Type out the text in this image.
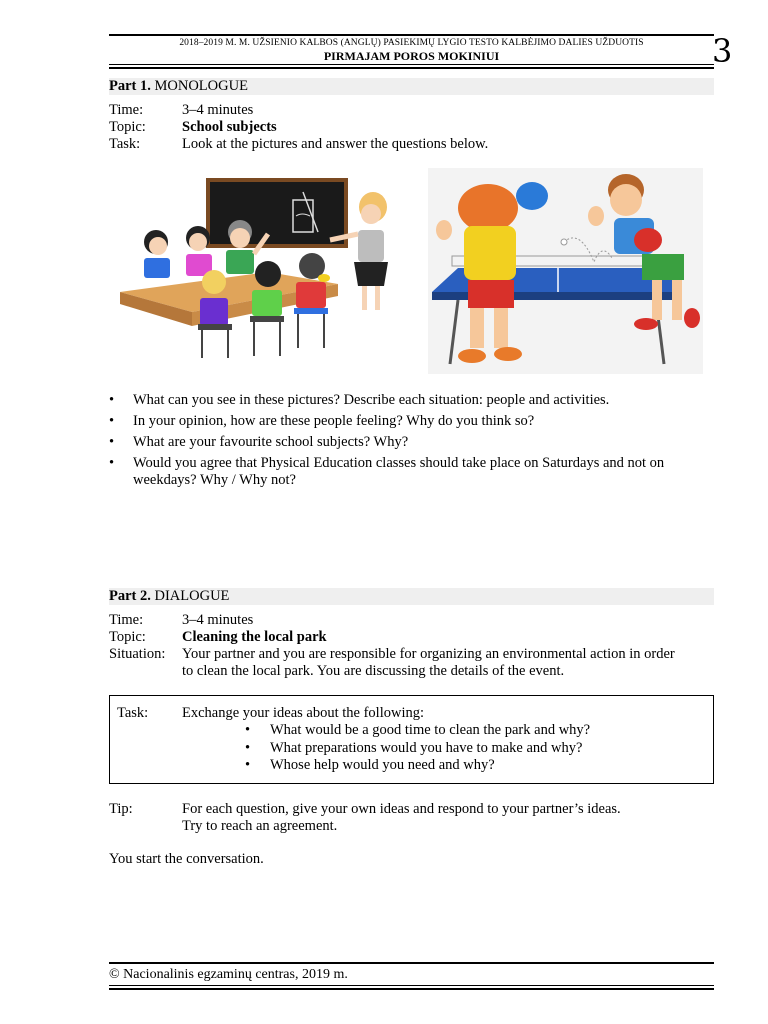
2018–2019 M. M. UŽSIENIO KALBOS (ANGLŲ) PASIEKIMŲ LYGIO TESTO KALBĖJIMO DALIES UŽDUOTIS
PIRMAJAM POROS MOKINIUI	3
Part 1. MONOLOGUE
Time:	3–4 minutes
Topic: School subjects
Task:	Look at the pictures and answer the questions below.
• What can you see in these pictures? Describe each situation: people and activities.
• In your opinion, how are these people feeling? Why do you think so?
• What are your favourite school subjects? Why?
• Would you agree that Physical Education classes should take place on Saturdays and not on weekdays? Why / Why not?
Part 2. DIALOGUE
Time:	3–4 minutes
Topic: Cleaning the local park
Situation: Your partner and you are responsible for organizing an environmental action in order
to clean the local park. You are discussing the details of the event.
Task: Exchange your ideas about the following:
• What would be a good time to clean the park and why?
• What preparations would you have to make and why?
• Whose help would you need and why?
Tip:	For each question, give your own ideas and respond to your partner’s ideas.
Try to reach an agreement.
You start the conversation.
© Nacionalinis egzaminų centras, 2019 m.
